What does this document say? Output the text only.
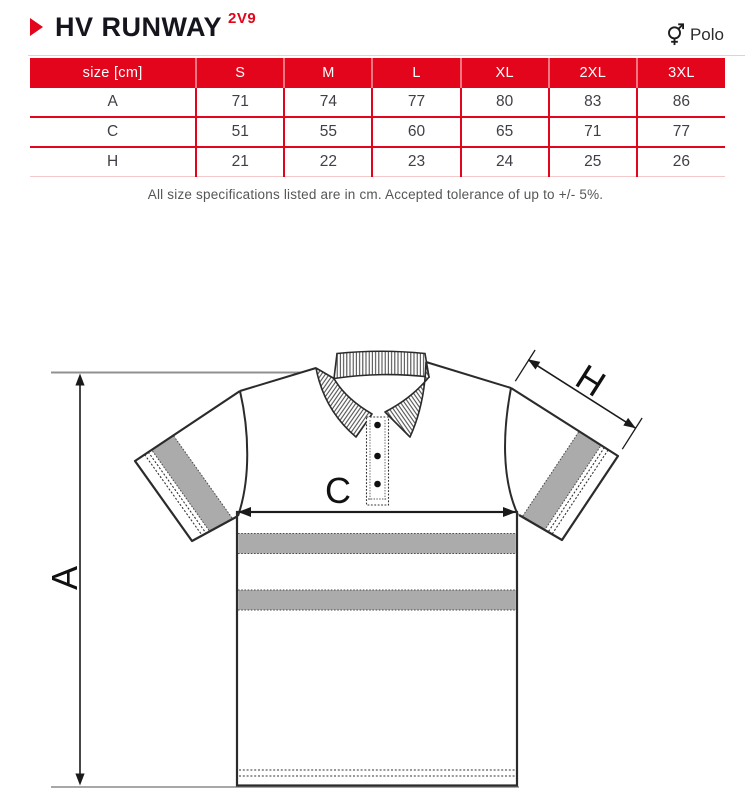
HV RUNWAY $^{2V9}$
Polo
size [cm]	S	M	L	XL	2XL	3XL
A	71	74	77	80	83	86
C	51	55	60	65	71	77
H	21	22	23	24	25	26
All size specifications listed are in cm. Accepted tolerance of up to +/- 5%.
A
H
C
